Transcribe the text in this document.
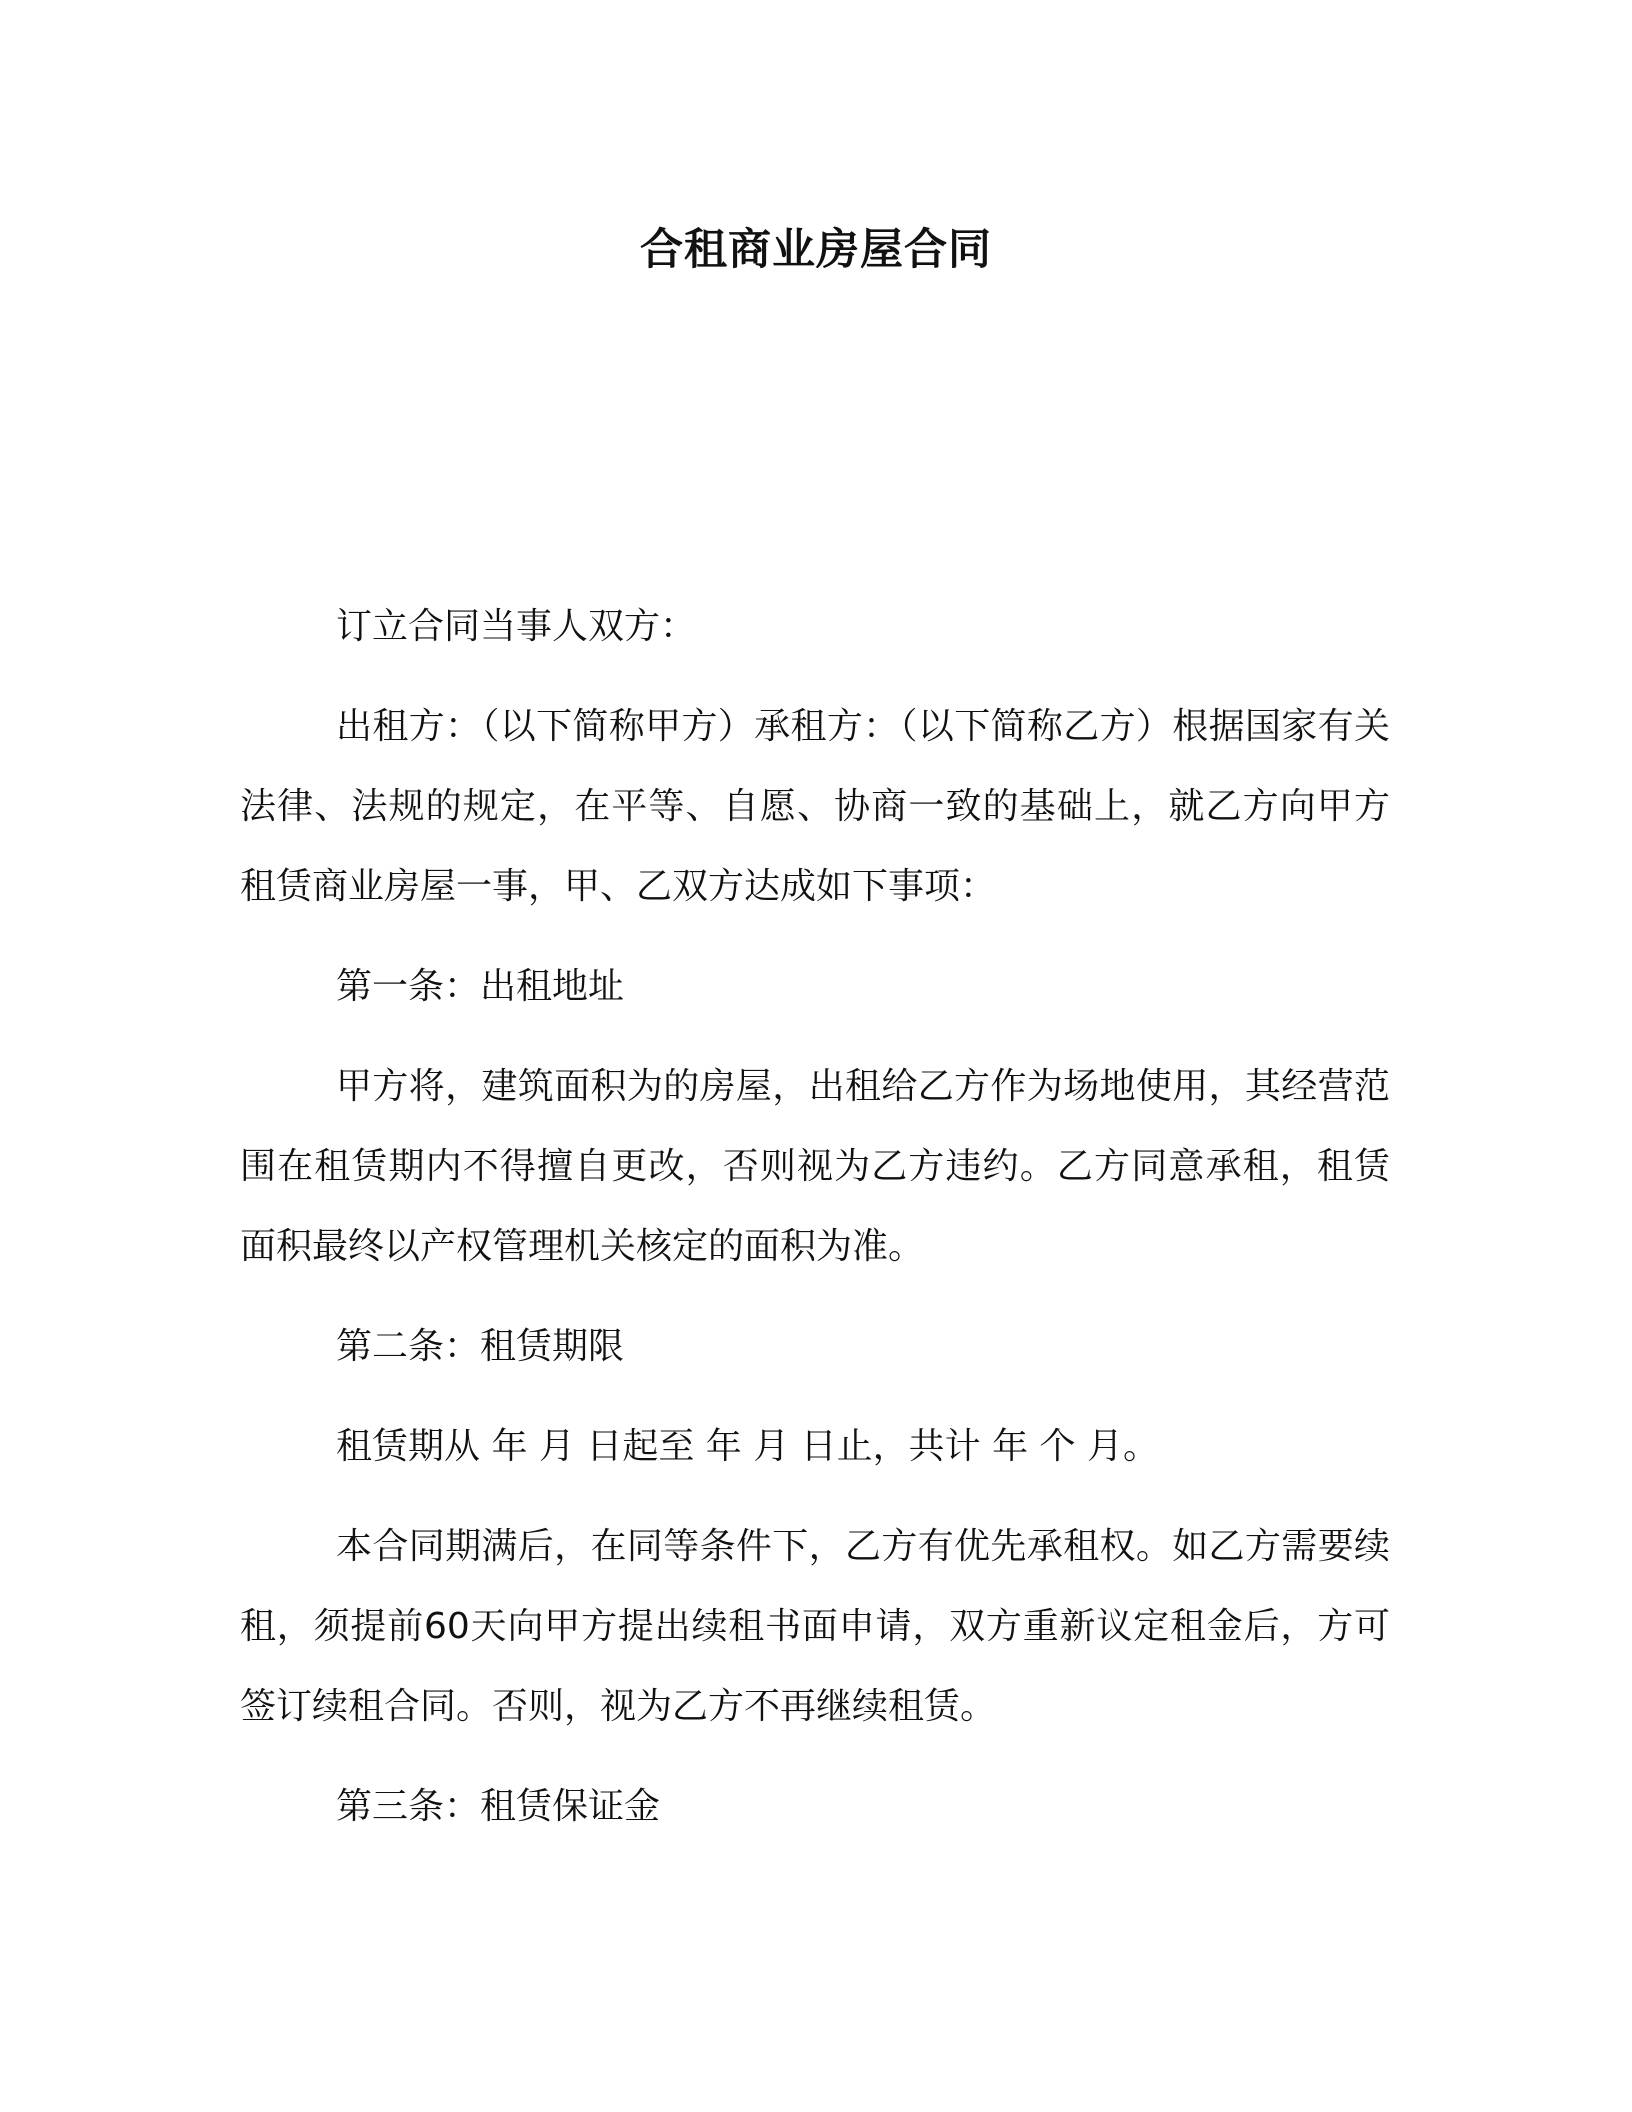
合租商业房屋合同

订立合同当事人双方：

出租方：（以下简称甲方）承租方：（以下简称乙方）根据国家有关法律、法规的规定，在平等、自愿、协商一致的基础上，就乙方向甲方租赁商业房屋一事，甲、乙双方达成如下事项：

第一条：出租地址

甲方将，建筑面积为的房屋，出租给乙方作为场地使用，其经营范围在租赁期内不得擅自更改，否则视为乙方违约。乙方同意承租，租赁面积最终以产权管理机关核定的面积为准。

第二条：租赁期限

租赁期从 年 月 日起至 年 月 日止，共计 年 个 月。

本合同期满后，在同等条件下，乙方有优先承租权。如乙方需要续租，须提前60天向甲方提出续租书面申请，双方重新议定租金后，方可签订续租合同。否则，视为乙方不再继续租赁。

第三条：租赁保证金
